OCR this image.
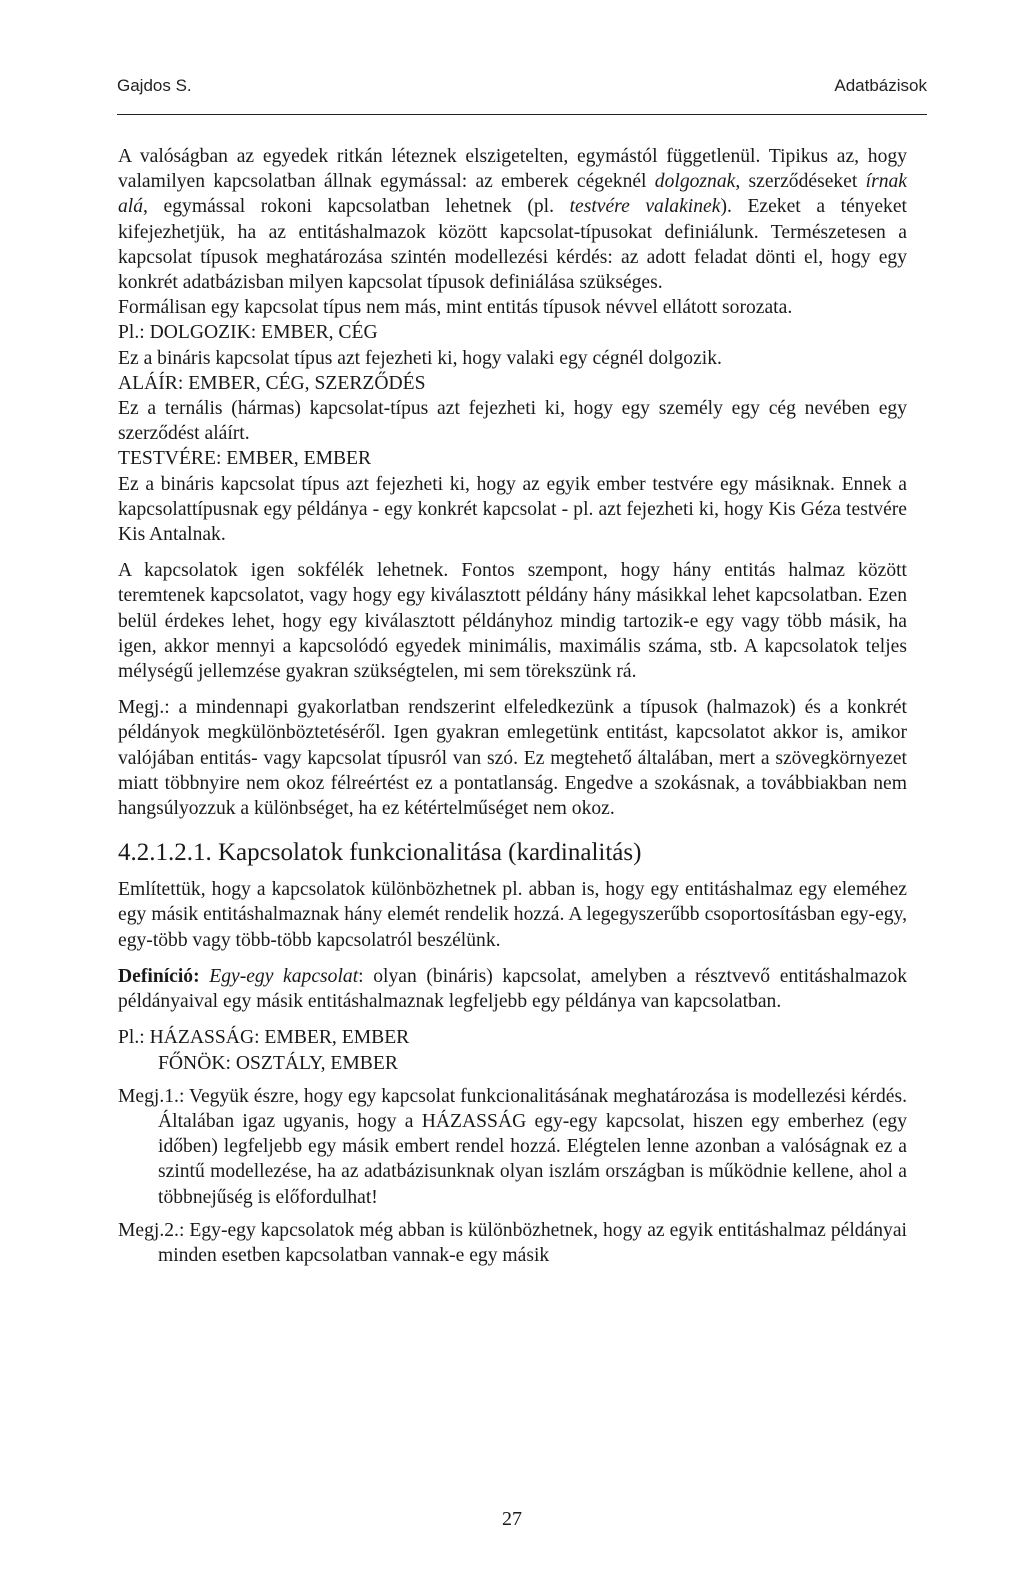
Gajdos S.	Adatbázisok

A valóságban az egyedek ritkán léteznek elszigetelten, egymástól függetlenül. Tipikus az, hogy valamilyen kapcsolatban állnak egymással: az emberek cégeknél dolgoznak, szerződéseket írnak alá, egymással rokoni kapcsolatban lehetnek (pl. testvére valakinek). Ezeket a tényeket kifejezhetjük, ha az entitáshalmazok között kapcsolat-típusokat definiálunk. Természetesen a kapcsolat típusok meghatározása szintén modellezési kérdés: az adott feladat dönti el, hogy egy konkrét adatbázisban milyen kapcsolat típusok definiálása szükséges.

Formálisan egy kapcsolat típus nem más, mint entitás típusok névvel ellátott sorozata.

Pl.: DOLGOZIK: EMBER, CÉG

Ez a bináris kapcsolat típus azt fejezheti ki, hogy valaki egy cégnél dolgozik.

ALÁÍR: EMBER, CÉG, SZERZŐDÉS

Ez a ternális (hármas) kapcsolat-típus azt fejezheti ki, hogy egy személy egy cég nevében egy szerződést aláírt.

TESTVÉRE: EMBER, EMBER

Ez a bináris kapcsolat típus azt fejezheti ki, hogy az egyik ember testvére egy másiknak. Ennek a kapcsolattípusnak egy példánya - egy konkrét kapcsolat - pl. azt fejezheti ki, hogy Kis Géza testvére Kis Antalnak.

A kapcsolatok igen sokfélék lehetnek. Fontos szempont, hogy hány entitás halmaz között teremtenek kapcsolatot, vagy hogy egy kiválasztott példány hány másikkal lehet kapcsolatban. Ezen belül érdekes lehet, hogy egy kiválasztott példányhoz mindig tartozik-e egy vagy több másik, ha igen, akkor mennyi a kapcsolódó egyedek minimális, maximális száma, stb. A kapcsolatok teljes mélységű jellemzése gyakran szükségtelen, mi sem törekszünk rá.

Megj.: a mindennapi gyakorlatban rendszerint elfeledkezünk a típusok (halmazok) és a konkrét példányok megkülönböztetéséről. Igen gyakran emlegetünk entitást, kapcsolatot akkor is, amikor valójában entitás- vagy kapcsolat típusról van szó. Ez megtehető általában, mert a szövegkörnyezet miatt többnyire nem okoz félreértést ez a pontatlanság. Engedve a szokásnak, a továbbiakban nem hangsúlyozzuk a különbséget, ha ez kétértelműséget nem okoz.

4.2.1.2.1. Kapcsolatok funkcionalitása (kardinalitás)

Említettük, hogy a kapcsolatok különbözhetnek pl. abban is, hogy egy entitáshalmaz egy eleméhez egy másik entitáshalmaznak hány elemét rendelik hozzá. A legegyszerűbb csoportosításban egy-egy, egy-több vagy több-több kapcsolatról beszélünk.

Definíció: Egy-egy kapcsolat: olyan (bináris) kapcsolat, amelyben a résztvevő entitáshalmazok példányaival egy másik entitáshalmaznak legfeljebb egy példánya van kapcsolatban.

Pl.: HÁZASSÁG: EMBER, EMBER

FŐNÖK: OSZTÁLY, EMBER

Megj.1.: Vegyük észre, hogy egy kapcsolat funkcionalitásának meghatározása is modellezési kérdés. Általában igaz ugyanis, hogy a HÁZASSÁG egy-egy kapcsolat, hiszen egy emberhez (egy időben) legfeljebb egy másik embert rendel hozzá. Elégtelen lenne azonban a valóságnak ez a szintű modellezése, ha az adatbázisunknak olyan iszlám országban is működnie kellene, ahol a többnejűség is előfordulhat!

Megj.2.: Egy-egy kapcsolatok még abban is különbözhetnek, hogy az egyik entitáshalmaz példányai minden esetben kapcsolatban vannak-e egy másik

27
